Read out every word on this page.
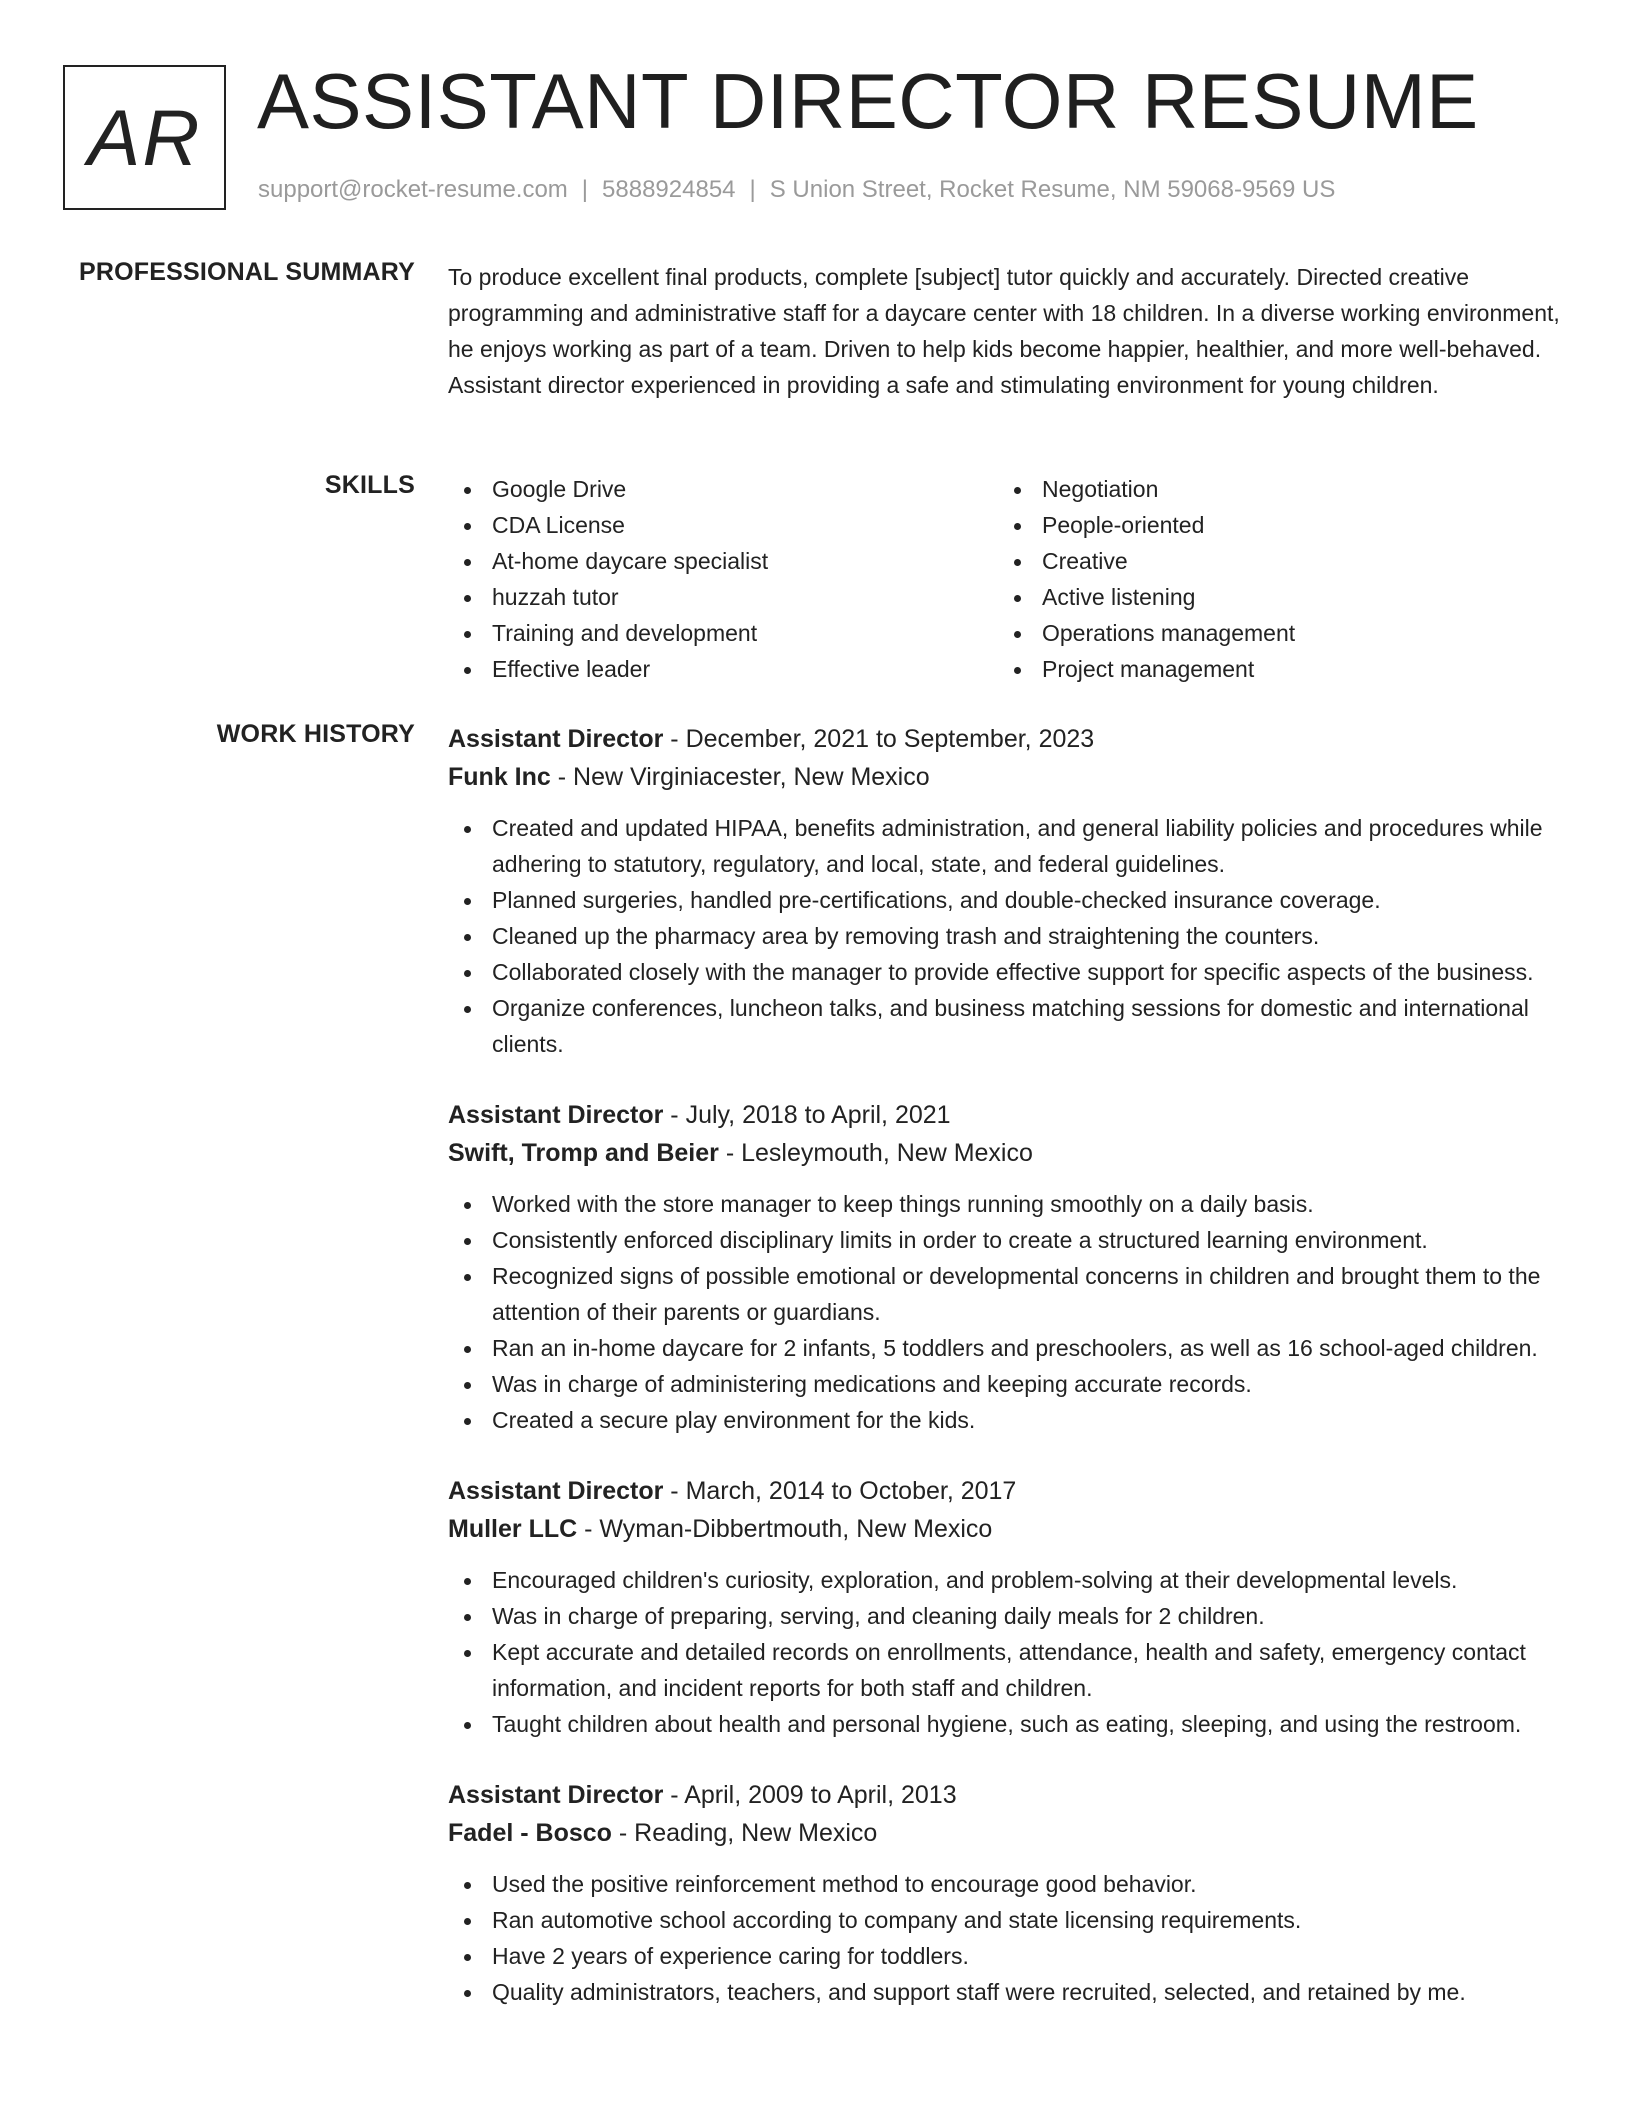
AR ASSISTANT DIRECTOR RESUME
support@rocket-resume.com | 5888924854 | S Union Street, Rocket Resume, NM 59068-9569 US
PROFESSIONAL SUMMARY To produce excellent final products, complete [subject] tutor quickly and accurately. Directed creative programming and administrative staff for a daycare center with 18 children. In a diverse working environment, he enjoys working as part of a team. Driven to help kids become happier, healthier, and more well-behaved. Assistant director experienced in providing a safe and stimulating environment for young children.

SKILLS	Google Drive
CDA License
At-home daycare specialist
huzzah tutor
Training and development
Effective leader
Negotiation
People-oriented
Creative
Active listening
Operations management
Project management
WORK HISTORY Assistant Director - December, 2021 to September, 2023
Funk Inc - New Virginiacester, New Mexico
Created and updated HIPAA, benefits administration, and general liability policies and procedures while adhering to statutory, regulatory, and local, state, and federal guidelines.
Planned surgeries, handled pre-certifications, and double-checked insurance coverage.
Cleaned up the pharmacy area by removing trash and straightening the counters.
Collaborated closely with the manager to provide effective support for specific aspects of the business.
Organize conferences, luncheon talks, and business matching sessions for domestic and international clients.
Assistant Director - July, 2018 to April, 2021
Swift, Tromp and Beier - Lesleymouth, New Mexico
Worked with the store manager to keep things running smoothly on a daily basis.
Consistently enforced disciplinary limits in order to create a structured learning environment.
Recognized signs of possible emotional or developmental concerns in children and brought them to the attention of their parents or guardians.
Ran an in-home daycare for 2 infants, 5 toddlers and preschoolers, as well as 16 school-aged children.
Was in charge of administering medications and keeping accurate records.
Created a secure play environment for the kids.
Assistant Director - March, 2014 to October, 2017
Muller LLC - Wyman-Dibbertmouth, New Mexico
Encouraged children's curiosity, exploration, and problem-solving at their developmental levels.
Was in charge of preparing, serving, and cleaning daily meals for 2 children.
Kept accurate and detailed records on enrollments, attendance, health and safety, emergency contact information, and incident reports for both staff and children.
Taught children about health and personal hygiene, such as eating, sleeping, and using the restroom.
Assistant Director - April, 2009 to April, 2013
Fadel - Bosco - Reading, New Mexico
Used the positive reinforcement method to encourage good behavior.
Ran automotive school according to company and state licensing requirements.
Have 2 years of experience caring for toddlers.
Quality administrators, teachers, and support staff were recruited, selected, and retained by me.
